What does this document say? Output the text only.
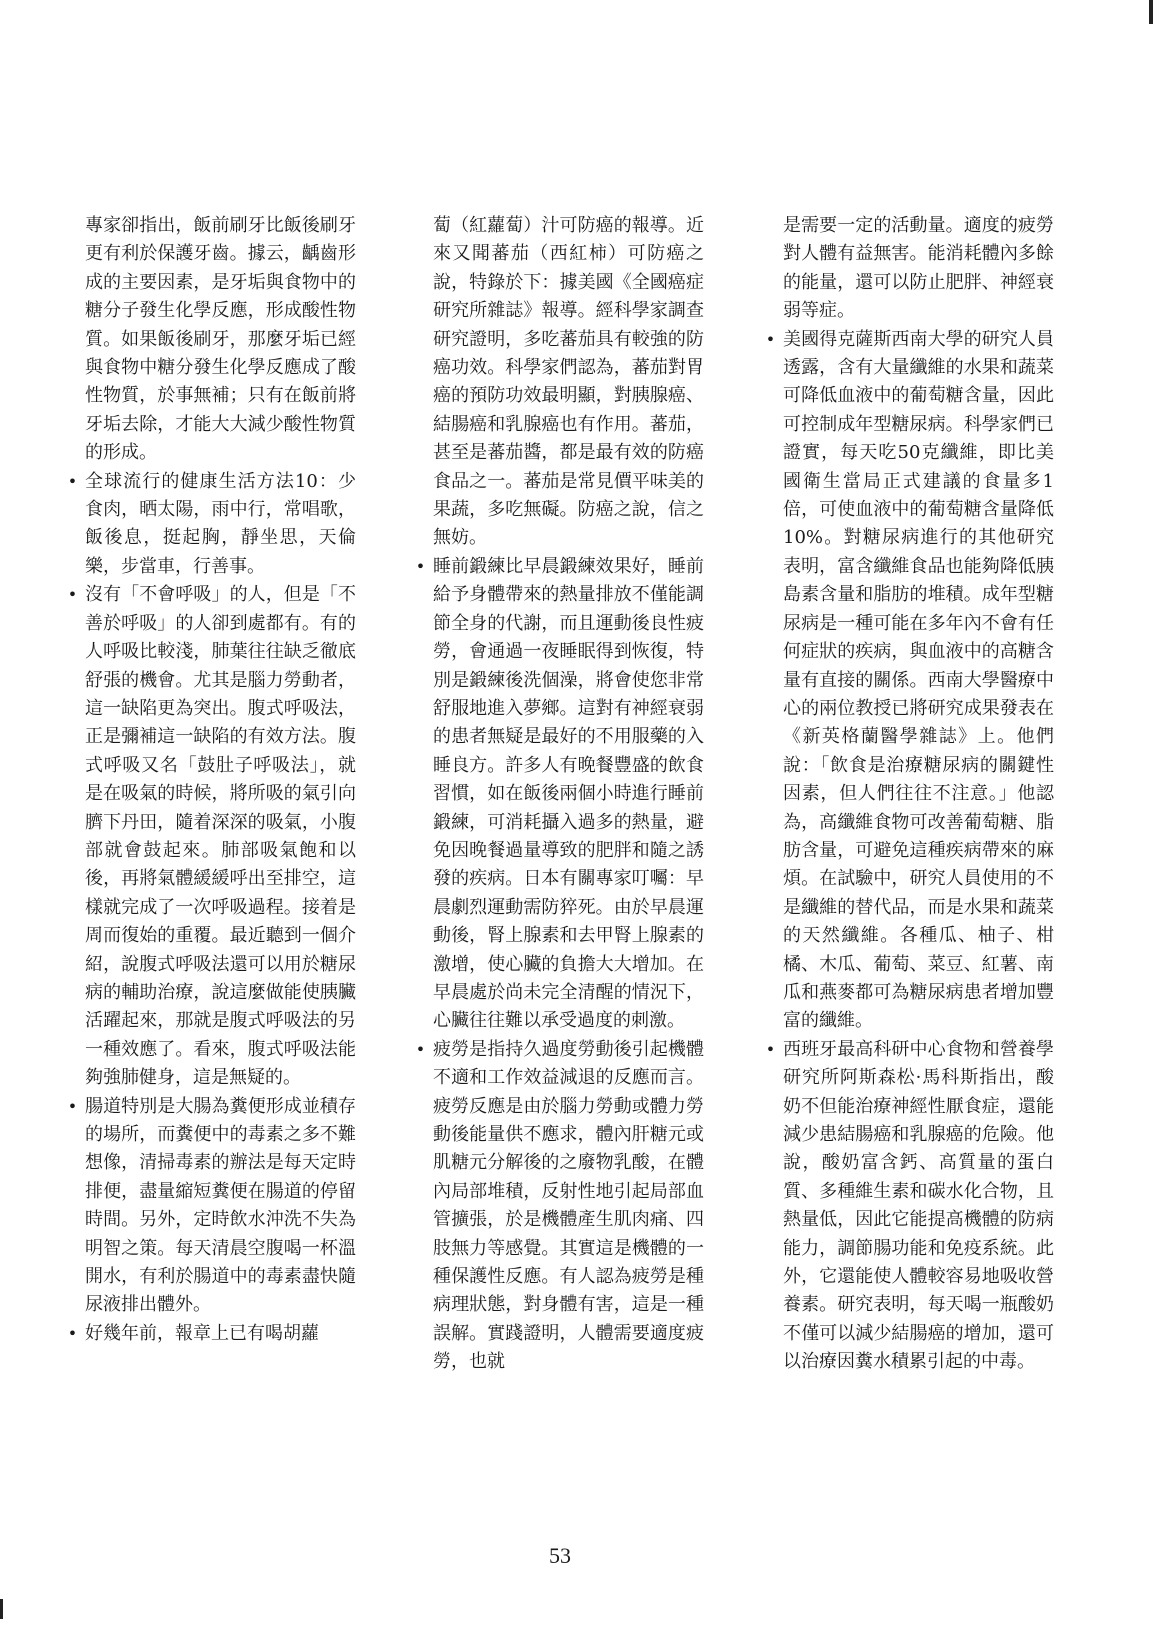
專家卻指出，飯前刷牙比飯後刷牙更有利於保護牙齒。據云，齲齒形成的主要因素，是牙垢與食物中的糖分子發生化學反應，形成酸性物質。如果飯後刷牙，那麼牙垢已經與食物中糖分發生化學反應成了酸性物質，於事無補；只有在飯前將牙垢去除，才能大大減少酸性物質的形成。

• 全球流行的健康生活方法10：少食肉，晒太陽，雨中行，常唱歌，飯後息，挺起胸，靜坐思，天倫樂，步當車，行善事。

• 沒有「不會呼吸」的人，但是「不善於呼吸」的人卻到處都有。有的人呼吸比較淺，肺葉往往缺乏徹底舒張的機會。尤其是腦力勞動者，這一缺陷更為突出。腹式呼吸法，正是彌補這一缺陷的有效方法。腹式呼吸又名「鼓肚子呼吸法」，就是在吸氣的時候，將所吸的氣引向臍下丹田，隨着深深的吸氣，小腹部就會鼓起來。肺部吸氣飽和以後，再將氣體緩緩呼出至排空，這樣就完成了一次呼吸過程。接着是周而復始的重覆。最近聽到一個介紹，說腹式呼吸法還可以用於糖尿病的輔助治療，說這麼做能使胰臟活躍起來，那就是腹式呼吸法的另一種效應了。看來，腹式呼吸法能夠強肺健身，這是無疑的。

• 腸道特別是大腸為糞便形成並積存的場所，而糞便中的毒素之多不難想像，清掃毒素的辦法是每天定時排便，盡量縮短糞便在腸道的停留時間。另外，定時飲水沖洗不失為明智之策。每天清晨空腹喝一杯溫開水，有利於腸道中的毒素盡快隨尿液排出體外。

• 好幾年前，報章上已有喝胡蘿

蔔（紅蘿蔔）汁可防癌的報導。近來又聞蕃茄（西紅柿）可防癌之說，特錄於下：據美國《全國癌症研究所雜誌》報導。經科學家調查研究證明，多吃蕃茄具有較強的防癌功效。科學家們認為，蕃茄對胃癌的預防功效最明顯，對胰腺癌、結腸癌和乳腺癌也有作用。蕃茄，甚至是蕃茄醬，都是最有效的防癌食品之一。蕃茄是常見價平味美的果蔬，多吃無礙。防癌之說，信之無妨。

• 睡前鍛練比早晨鍛練效果好，睡前給予身體帶來的熱量排放不僅能調節全身的代謝，而且運動後良性疲勞，會通過一夜睡眠得到恢復，特別是鍛練後洗個澡，將會使您非常舒服地進入夢鄉。這對有神經衰弱的患者無疑是最好的不用服藥的入睡良方。許多人有晚餐豐盛的飲食習慣，如在飯後兩個小時進行睡前鍛練，可消耗攝入過多的熱量，避免因晚餐過量導致的肥胖和隨之誘發的疾病。日本有關專家叮囑：早晨劇烈運動需防猝死。由於早晨運動後，腎上腺素和去甲腎上腺素的激增，使心臟的負擔大大增加。在早晨處於尚未完全清醒的情況下，心臟往往難以承受過度的刺激。

• 疲勞是指持久過度勞動後引起機體不適和工作效益減退的反應而言。疲勞反應是由於腦力勞動或體力勞動後能量供不應求，體內肝糖元或肌糖元分解後的之廢物乳酸，在體內局部堆積，反射性地引起局部血管擴張，於是機體產生肌肉痛、四肢無力等感覺。其實這是機體的一種保護性反應。有人認為疲勞是種病理狀態，對身體有害，這是一種誤解。實踐證明，人體需要適度疲勞，也就

是需要一定的活動量。適度的疲勞對人體有益無害。能消耗體內多餘的能量，還可以防止肥胖、神經衰弱等症。

• 美國得克薩斯西南大學的研究人員透露，含有大量纖維的水果和蔬菜可降低血液中的葡萄糖含量，因此可控制成年型糖尿病。科學家們已證實，每天吃50克纖維，即比美國衛生當局正式建議的食量多1倍，可使血液中的葡萄糖含量降低10%。對糖尿病進行的其他研究表明，富含纖維食品也能夠降低胰島素含量和脂肪的堆積。成年型糖尿病是一種可能在多年內不會有任何症狀的疾病，與血液中的高糖含量有直接的關係。西南大學醫療中心的兩位教授已將研究成果發表在《新英格蘭醫學雜誌》上。他們說：「飲食是治療糖尿病的關鍵性因素，但人們往往不注意。」他認為，高纖維食物可改善葡萄糖、脂肪含量，可避免這種疾病帶來的麻煩。在試驗中，研究人員使用的不是纖維的替代品，而是水果和蔬菜的天然纖維。各種瓜、柚子、柑橘、木瓜、葡萄、菜豆、紅薯、南瓜和燕麥都可為糖尿病患者增加豐富的纖維。

• 西班牙最高科研中心食物和營養學研究所阿斯森松·馬科斯指出，酸奶不但能治療神經性厭食症，還能減少患結腸癌和乳腺癌的危險。他說，酸奶富含鈣、高質量的蛋白質、多種維生素和碳水化合物，且熱量低，因此它能提高機體的防病能力，調節腸功能和免疫系統。此外，它還能使人體較容易地吸收營養素。研究表明，每天喝一瓶酸奶不僅可以減少結腸癌的增加，還可以治療因糞水積累引起的中毒。

53
